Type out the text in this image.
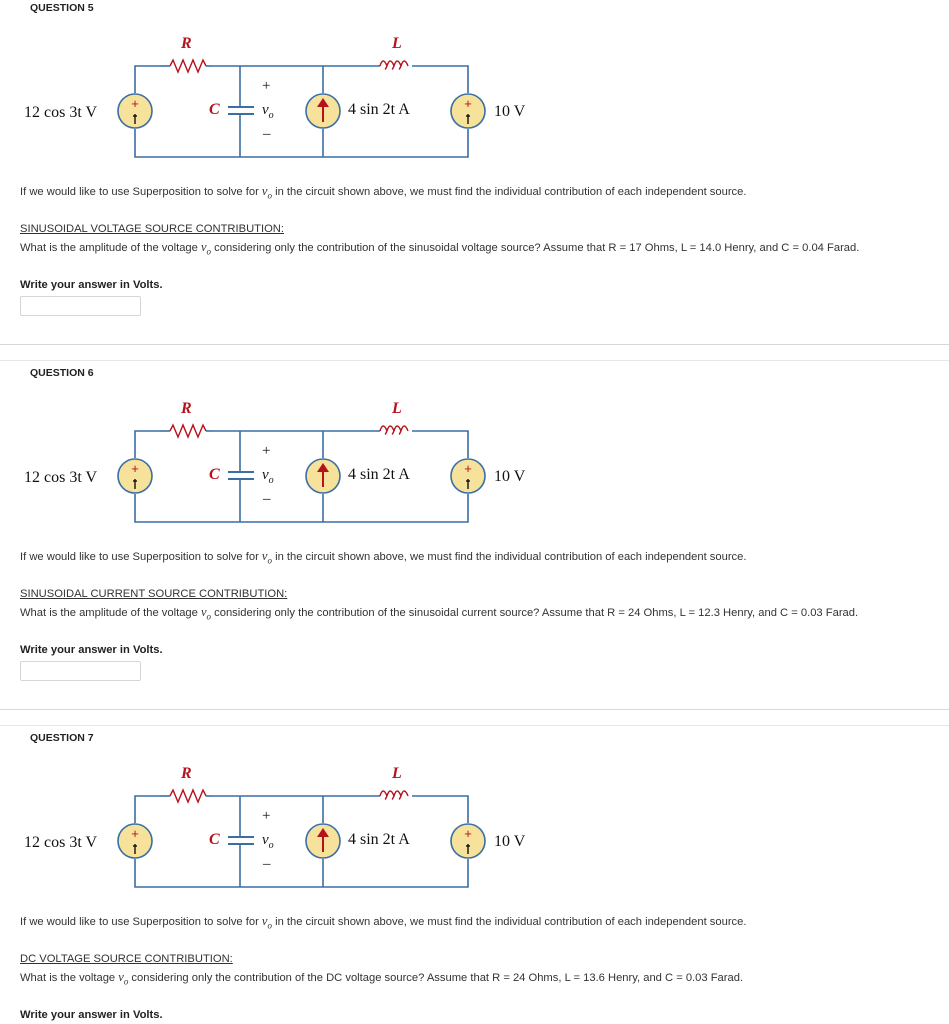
QUESTION 5
+	+
R	L
C
12 cos 3t V	4 sin 2t A	10 V
+
$v_o$
–
If we would like to use Superposition to solve for $v_o$ in the circuit shown above, we must find the individual contribution of each independent source.
SINUSOIDAL VOLTAGE SOURCE CONTRIBUTION:
What is the amplitude of the voltage $v_o$ considering only the contribution of the sinusoidal voltage source? Assume that R = 17 Ohms, L = 14.0 Henry, and C = 0.04 Farad.
Write your answer in Volts.
QUESTION 6
+	+
R	L
C
12 cos 3t V	4 sin 2t A	10 V
+
$v_o$
–
If we would like to use Superposition to solve for $v_o$ in the circuit shown above, we must find the individual contribution of each independent source.
SINUSOIDAL CURRENT SOURCE CONTRIBUTION:
What is the amplitude of the voltage $v_o$ considering only the contribution of the sinusoidal current source? Assume that R = 24 Ohms, L = 12.3 Henry, and C = 0.03 Farad.
Write your answer in Volts.
QUESTION 7
+	+
R	L
C
12 cos 3t V	4 sin 2t A	10 V
+
$v_o$
–
If we would like to use Superposition to solve for $v_o$ in the circuit shown above, we must find the individual contribution of each independent source.
DC VOLTAGE SOURCE CONTRIBUTION:
What is the voltage $v_o$ considering only the contribution of the DC voltage source? Assume that R = 24 Ohms, L = 13.6 Henry, and C = 0.03 Farad.
Write your answer in Volts.
